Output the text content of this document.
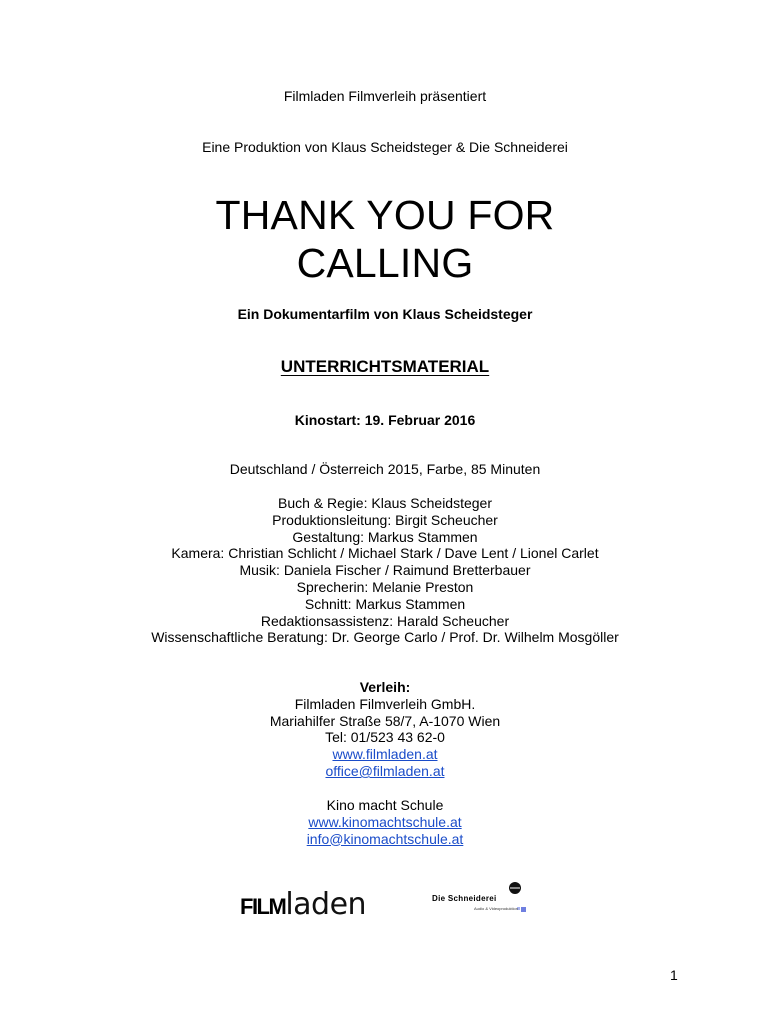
Filmladen Filmverleih präsentiert
Eine Produktion von Klaus Scheidsteger & Die Schneiderei
THANK YOU FOR
CALLING
Ein Dokumentarfilm von Klaus Scheidsteger
UNTERRICHTSMATERIAL
Kinostart: 19. Februar 2016
Deutschland / Österreich 2015, Farbe, 85 Minuten

Buch & Regie: Klaus Scheidsteger

Produktionsleitung: Birgit Scheucher

Gestaltung: Markus Stammen

Kamera: Christian Schlicht / Michael Stark / Dave Lent / Lionel Carlet

Musik: Daniela Fischer / Raimund Bretterbauer

Sprecherin: Melanie Preston

Schnitt: Markus Stammen

Redaktionsassistenz: Harald Scheucher

Wissenschaftliche Beratung: Dr. George Carlo / Prof. Dr. Wilhelm Mosgöller

Verleih:

Filmladen Filmverleih GmbH.

Mariahilfer Straße 58/7, A-1070 Wien

Tel: 01/523 43 62-0

www.filmladen.at

office@filmladen.at

Kino macht Schule

www.kinomachtschule.at

info@kinomachtschule.at

FILM laden	Die Schneiderei
Audio & Videoproduktion
1
